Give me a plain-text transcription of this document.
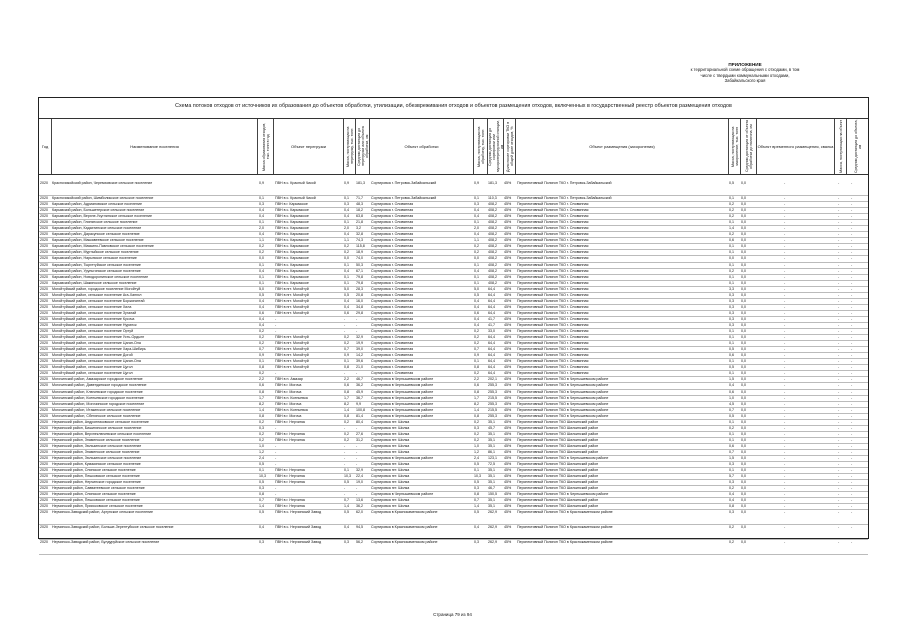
ПРИЛОЖЕНИЕ
к территориальной схеме обращения с отходами, в том
числе с твердыми коммунальными отходами,
Забайкальского края
Схема потоков отходов от источников их образования до объектов обработки, утилизации, обезвреживания отходов и объектов размещения отходов, включенных в государственный реестр объектов размещения отходов
Год	Наименование поселения	Масса образования отходов, тыс. тонн в год	Объект перегрузки	Масса, поступающая на перегрузку, тыс. тонн Средняя дистанция до перегрузки или объекта обработки, км	Объект обработки	Масса, поступающая на обработку, тыс. тонн Средняя дистанция до сортировки или мусороперегрузочной станции, км Доля после сортировки ТКО в общей доле отходов, %	Объект размещения (захоронения)	Масса, поступающая на захоронение, тыс. тонн Средняя дистанция от объекта обработки до полигона, км	Объект временного размещения, свалка Масса, поступающая на объект	Средняя дистанция до объекта, км
2020	Красночикойский район, Черемховское сельское поселение	0,9	ПВН в с. Красный Чикой	0,9	181,3	Сортировка г. Петровск-Забайкальский	0,9	181,3	45%	Перспективный Полигон ТКО г. Петровск-Забайкальский	0,5	0,0	-	-	-
2020	Красночикойский район, Шимбиликское сельское поселение	0,1	ПВН в с. Красный Чикой	0,1	71,7	Сортировка г. Петровск-Забайкальский	0,1	110,3	45%	Перспективный Полигон ТКО г. Петровск-Забайкальский	0,1	0,0	-	-	-
2020	Карымский район, Адриановское сельское поселение	0,3	ПВН в г. Карымское	0,3	48,3	Сортировка г. Оловянная	0,3	408,2	45%	Перспективный Полигон ТКО г. Оловянная	0,2	0,0	-	-	-
2020	Карымский район, Большетерское сельское поселение	0,4	ПВН в с. Карымское	0,4	18,2	Сортировка г. Оловянная	0,4	408,2	45%	Перспективный Полигон ТКО г. Оловянная	0,2	0,0	-	-	-
2020	Карымский район, Верхне-Усуглинское сельское поселение	0,4	ПВН в с. Карымское	0,4	63,8	Сортировка г. Оловянная	0,4	408,2	45%	Перспективный Полигон ТКО г. Оловянная	0,2	0,0	-	-	-
2020	Карымский район, Глинянское сельское поселение	0,1	ПВН в с. Карымское	0,1	21,8	Сортировка г. Оловянная	0,1	408,2	45%	Перспективный Полигон ТКО г. Оловянная	0,1	0,0	-	-	-
2020	Карымский район, Кадахтинское сельское поселение	2,0	ПВН в с. Карымское	2,0	3,2	Сортировка г. Оловянная	2,0	408,2	45%	Перспективный Полигон ТКО г. Оловянная	1,4	0,0	-	-	-
2020	Карымский район, Дарасунское сельское поселение	0,4	ПВН в с. Карымское	0,4	32,8	Сортировка г. Оловянная	0,4	408,2	45%	Перспективный Полигон ТКО г. Оловянная	0,2	0,0	-	-	-
2020	Карымский район, Маккавеевское сельское поселение	1,1	ПВН в с. Карымское	1,1	74,3	Сортировка г. Оловянная	1,1	408,2	45%	Перспективный Полигон ТКО г. Оловянная	0,6	0,0	-	-	-
2020	Карымский район, Маякино-Павловское сельское поселение	0,2	ПВН в с. Карымское	0,2	115,8	Сортировка г. Оловянная	0,2	408,2	45%	Перспективный Полигон ТКО г. Оловянная	0,1	0,0	-	-	-
2020	Карымский район, Муртыйское сельское поселение	0,2	ПВН в с. Карымское	0,2	18,9	Сортировка г. Оловянная	0,2	408,2	45%	Перспективный Полигон ТКО г. Оловянная	0,1	0,0	-	-	-
2020	Карымский район, Нарынское сельское поселение	0,0	ПВН в с. Карымское	0,0	74,0	Сортировка г. Оловянная	0,0	408,2	45%	Перспективный Полигон ТКО г. Оловянная	0,0	0,0	-	-	-
2020	Карымский район, Тыргетуйское сельское поселение	0,1	ПВН в с. Карымское	0,1	50,3	Сортировка г. Оловянная	0,1	408,2	45%	Перспективный Полигон ТКО г. Оловянная	0,1	0,0	-	-	-
2020	Карымский район, Урульгинское сельское поселение	0,4	ПВН в с. Карымское	0,4	67,1	Сортировка г. Оловянная	0,4	408,2	45%	Перспективный Полигон ТКО г. Оловянная	0,2	0,0	-	-	-
2020	Карымский район, Новодоронинское сельское поселение	0,1	ПВН в с. Карымское	0,1	79,8	Сортировка г. Оловянная	0,1	408,2	45%	Перспективный Полигон ТКО г. Оловянная	0,1	0,0	-	-	-
2020	Карымский район, Шакинское сельское поселение	0,1	ПВН в с. Карымское	0,1	79,8	Сортировка г. Оловянная	0,1	408,2	45%	Перспективный Полигон ТКО г. Оловянная	0,1	0,0	-	-	-
2020	Могойтуйский район, городское поселение Могойтуй	5,0	ПВН в пгт. Могойтуй	5,0	28,3	Сортировка г. Оловянная	5,0	64,4	45%	Перспективный Полигон ТКО г. Оловянная	3,3	0,0	-	-	-
2020	Могойтуйский район, сельское поселение Ага-Хангил	0,5	ПВН в пгт. Могойтуй	0,5	20,8	Сортировка г. Оловянная	0,5	64,4	45%	Перспективный Полигон ТКО г. Оловянная	0,3	0,0	-	-	-
2020	Могойтуйский район, сельское поселение Боржигантай	0,4	ПВН в пгт. Могойтуй	0,4	16,0	Сортировка г. Оловянная	0,4	64,4	45%	Перспективный Полигон ТКО г. Оловянная	0,3	0,0	-	-	-
2020	Могойтуйский район, сельское поселение Хила	0,4	ПВН в пгт. Могойтуй	0,4	34,8	Сортировка г. Оловянная	0,4	64,4	45%	Перспективный Полигон ТКО г. Оловянная	0,3	0,0	-	-	-
2020	Могойтуйский район, сельское поселение Зугалай	0,6	ПВН в пгт. Могойтуй	0,6	29,8	Сортировка г. Оловянная	0,6	64,4	45%	Перспективный Полигон ТКО г. Оловянная	0,3	0,0	-	-	-
2020	Могойтуйский район, сельское поселение Кусоча	0,4	-	-	-	Сортировка г. Оловянная	0,4	41,7	45%	Перспективный Полигон ТКО г. Оловянная	0,3	0,0	-	-	-
2020	Могойтуйский район, сельское поселение Нуринск	0,4	-	-	-	Сортировка г. Оловянная	0,4	41,7	45%	Перспективный Полигон ТКО г. Оловянная	0,3	0,0	-	-	-
2020	Могойтуйский район, сельское поселение Ортуй	0,2	-	-	-	Сортировка г. Оловянная	0,2	33,0	45%	Перспективный Полигон ТКО г. Оловянная	0,1	0,0	-	-	-
2020	Могойтуйский район, сельское поселение Усть-Ордынг	0,2	ПВН в пгт. Могойтуй	0,2	32,9	Сортировка г. Оловянная	0,2	64,4	45%	Перспективный Полигон ТКО г. Оловянная	0,1	0,0	-	-	-
2020	Могойтуйский район, сельское поселение Цаган-Ола	0,2	ПВН в пгт. Могойтуй	0,2	19,9	Сортировка г. Оловянная	0,2	64,4	45%	Перспективный Полигон ТКО г. Оловянная	0,1	0,0	-	-	-
2020	Могойтуйский район, сельское поселение Хара-Шибирь	0,7	ПВН в пгт. Могойтуй	0,7	39,0	Сортировка г. Оловянная	0,7	64,4	45%	Перспективный Полигон ТКО г. Оловянная	0,5	0,0	-	-	-
2020	Могойтуйский район, сельское поселение Догой	0,9	ПВН в пгт. Могойтуй	0,9	14,2	Сортировка г. Оловянная	0,9	64,4	45%	Перспективный Полигон ТКО г. Оловянная	0,6	0,0	-	-	-
2020	Могойтуйский район, сельское поселение Цаган-Ола	0,1	ПВН в пгт. Могойтуй	0,1	39,6	Сортировка г. Оловянная	0,1	64,4	45%	Перспективный Полигон ТКО г. Оловянная	0,1	0,0	-	-	-
2020	Могойтуйский район, сельское поселение Цугол	0,8	ПВН в пгт. Могойтуй	0,8	21,0	Сортировка г. Оловянная	0,8	64,4	45%	Перспективный Полигон ТКО г. Оловянная	0,5	0,0	-	-	-
2020	Могойтуйский район, сельское поселение Цугол	0,2	-	-	-	Сортировка г. Оловянная	0,2	64,4	45%	Перспективный Полигон ТКО г. Оловянная	0,1	0,0	-	-	-
2020	Могочинский район, Амазарское городское поселение	2,2	ПВН в п. Амазар	2,2	46,7	Сортировка в Чернышевском районе	2,2	202,1	45%	Перспективный Полигон ТКО в Чернышевском районе	1,5	0,0	-	-	-
2020	Могочинский район, Давендинское городское поселение	0,6	ПВН в г. Могоча	0,6	36,2	Сортировка в Чернышевском районе	0,6	255,3	45%	Перспективный Полигон ТКО в Чернышевском районе	0,4	0,0	-	-	-
2020	Могочинский район, Ключевское городское поселение	0,8	ПВН в г. Могоча	0,8	45,9	Сортировка в Чернышевском районе	0,8	255,3	45%	Перспективный Полигон ТКО в Чернышевском районе	0,6	0,0	-	-	-
2020	Могочинский район, Ксеньевское городское поселение	1,7	ПВН в п. Ксеньевка	1,7	36,7	Сортировка в Чернышевском районе	1,7	215,5	45%	Перспективный Полигон ТКО в Чернышевском районе	1,0	0,0	-	-	-
2020	Могочинский район, Могочинское городское поселение	8,2	ПВН в г. Могоча	8,2	9,9	Сортировка в Чернышевском районе	8,2	255,3	45%	Перспективный Полигон ТКО в Чернышевском районе	4,5	0,0	-	-	-
2020	Могочинский район, Итакинское сельское поселение	1,4	ПВН в п. Ксеньевка	1,4	100,8	Сортировка в Чернышевском районе	1,4	215,5	45%	Перспективный Полигон ТКО в Чернышевском районе	0,7	0,0	-	-	-
2020	Могочинский район, Сбегинское сельское поселение	0,8	ПВН в г. Могоча	0,8	81,4	Сортировка в Чернышевском районе	0,8	255,3	45%	Перспективный Полигон ТКО в Чернышевском районе	0,5	0,0	-	-	-
2020	Нерчинский район, Андронниковское сельское поселение	0,2	ПВН в г. Нерчинск	0,2	80,4	Сортировка пгт. Шилка	0,2	35,1	45%	Перспективный Полигон ТКО Шилкинский район	0,1	0,0	-	-	-
2020	Нерчинский район, Бишигинское сельское поселение	0,3	-	-	-	Сортировка пгт. Шилка	0,3	45,7	45%	Перспективный Полигон ТКО Шилкинский район	0,2	0,0	-	-	-
2020	Нерчинский район, Верхнеключевское сельское поселение	0,2	ПВН в г. Нерчинск	0,2	27,6	Сортировка пгт. Шилка	0,2	35,1	45%	Перспективный Полигон ТКО Шилкинский район	0,1	0,0	-	-	-
2020	Нерчинский район, Знаменское сельское поселение	0,2	ПВН в г. Нерчинск	0,2	31,2	Сортировка пгт. Шилка	0,2	35,1	45%	Перспективный Полигон ТКО Шилкинский район	0,1	0,0	-	-	-
2020	Нерчинский район, Зюльзинское сельское поселение	1,0	-	-	-	Сортировка пгт. Шилка	1,0	35,1	45%	Перспективный Полигон ТКО Шилкинский район	0,6	0,0	-	-	-
2020	Нерчинский район, Знаменское сельское поселение	1,2	-	-	-	Сортировка пгт. Шилка	1,2	86,1	45%	Перспективный Полигон ТКО Шилкинский район	0,7	0,0	-	-	-
2020	Нерчинский район, Зюльзинское сельское поселение	2,4	-	-	-	Сортировка в Чернышевском районе	2,4	123,1	45%	Перспективный Полигон ТКО в Чернышевском районе	1,5	0,0	-	-	-
2020	Нерчинский район, Кумакинское сельское поселение	0,5	-	-	-	Сортировка пгт. Шилка	0,5	72,5	45%	Перспективный Полигон ТКО Шилкинский район	0,3	0,0	-	-	-
2020	Нерчинский район, Олинское сельское поселение	0,1	ПВН в г. Нерчинск	0,1	32,9	Сортировка пгт. Шилка	0,1	35,1	45%	Перспективный Полигон ТКО Шилкинский район	0,1	0,0	-	-	-
2020	Нерчинский район, Пешковское сельское поселение	10,3	ПВН в г. Нерчинск	10,3	22,4	Сортировка пгт. Шилка	10,3	35,1	45%	Перспективный Полигон ТКО Шилкинский район	5,7	0,0	-	-	-
2020	Нерчинский район, Нерчинское городское поселение	0,5	ПВН в г. Нерчинск	0,5	19,0	Сортировка пгт. Шилка	0,5	35,1	45%	Перспективный Полигон ТКО Шилкинский район	0,3	0,0	-	-	-
2020	Нерчинский район, Савватеевское сельское поселение	0,3	-	-	-	Сортировка пгт. Шилка	0,3	46,7	45%	Перспективный Полигон ТКО Шилкинский район	0,2	0,0	-	-	-
2020	Нерчинский район, Олинское сельское поселение	0,8	-	-	-	Сортировка в Чернышевском районе	0,8	150,5	45%	Перспективный Полигон ТКО в Чернышевском районе	0,4	0,0	-	-	-
2020	Нерчинский район, Пешковское сельское поселение	0,7	ПВН в г. Нерчинск	0,7	13,6	Сортировка пгт. Шилка	0,7	35,1	45%	Перспективный Полигон ТКО Шилкинский район	0,4	0,0	-	-	-
2020	Нерчинский район, Приисковское сельское поселение	1,4	ПВН в г. Нерчинск	1,4	36,2	Сортировка пгт. Шилка	1,4	35,1	45%	Перспективный Полигон ТКО Шилкинский район	0,8	0,0	-	-	-
2020	Нерчинско-Заводский район, Аргунское сельское поселение	0,5	ПВН в с. Нерчинский Завод	0,5	62,0	Сортировка в Краснокаменском районе	0,5	262,9	45%	Перспективный Полигон ТКО в Краснокаменском районе	0,3	0,0	-	-	-
2020	Нерчинско-Заводский район, Больше-Зерентуйское сельское поселение	0,4	ПВН в с. Нерчинский Завод	0,4	94,5	Сортировка в Краснокаменском районе	0,4	262,9	45%	Перспективный Полигон ТКО в Краснокаменском районе	0,2	0,0	-	-	-
2020	Нерчинско-Заводский район, Булдуруйское сельское поселение	0,3	ПВН в с. Нерчинский Завод	0,3	56,2	Сортировка в Краснокаменском районе	0,3	262,9	45%	Перспективный Полигон ТКО в Краснокаменском районе	0,2	0,0	-	-	-
Страница 79 из 94
